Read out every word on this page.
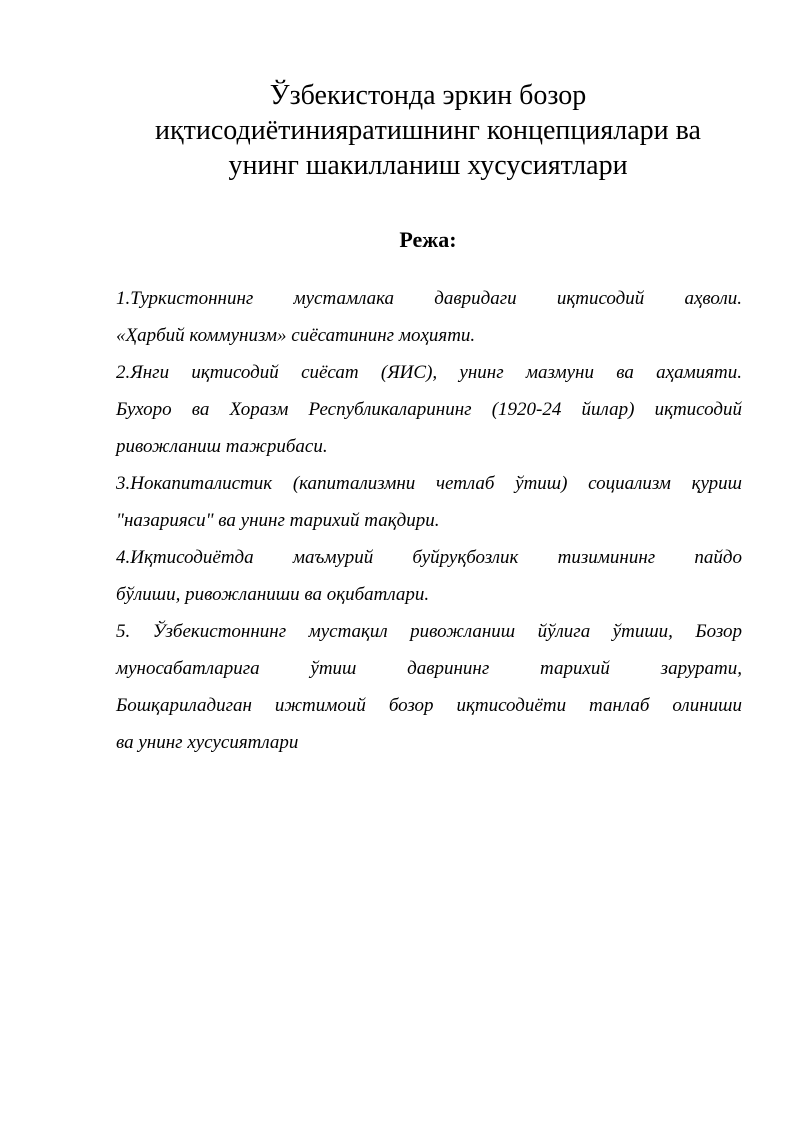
Ўзбекистонда эркин бозор
иқтисодиётиниярaтишнинг концепциялари ва
унинг шакилланиш хусусиятлари
Режа:
1.Туркистоннинг мустамлака давридаги иқтисодий аҳволи.
«Ҳарбий коммунизм» сиёсатининг моҳияти.
2.Янги иқтисодий сиёсат (ЯИС), унинг мазмуни ва аҳамияти.
Бухоро ва Хоразм Республикаларининг (1920-24 йилар) иқтисодий
ривожланиш тажрибаси.
3.Нокапиталистик (капитализмни четлаб ўтиш) социализм қуриш
"назарияси" ва унинг тарихий тақдири.
4.Иқтисодиётда маъмурий буйруқбозлик тизимининг пайдо
бўлиши, ривожланиши ва оқибатлари.
5. Ўзбекистоннинг мустақил ривожланиш йўлига ўтиши, Бозор
муносабатларига ўтиш даврининг тарихий зарурати,
Бошқариладиган ижтимоий бозор иқтисодиёти танлаб олиниши
ва унинг хусусиятлари
